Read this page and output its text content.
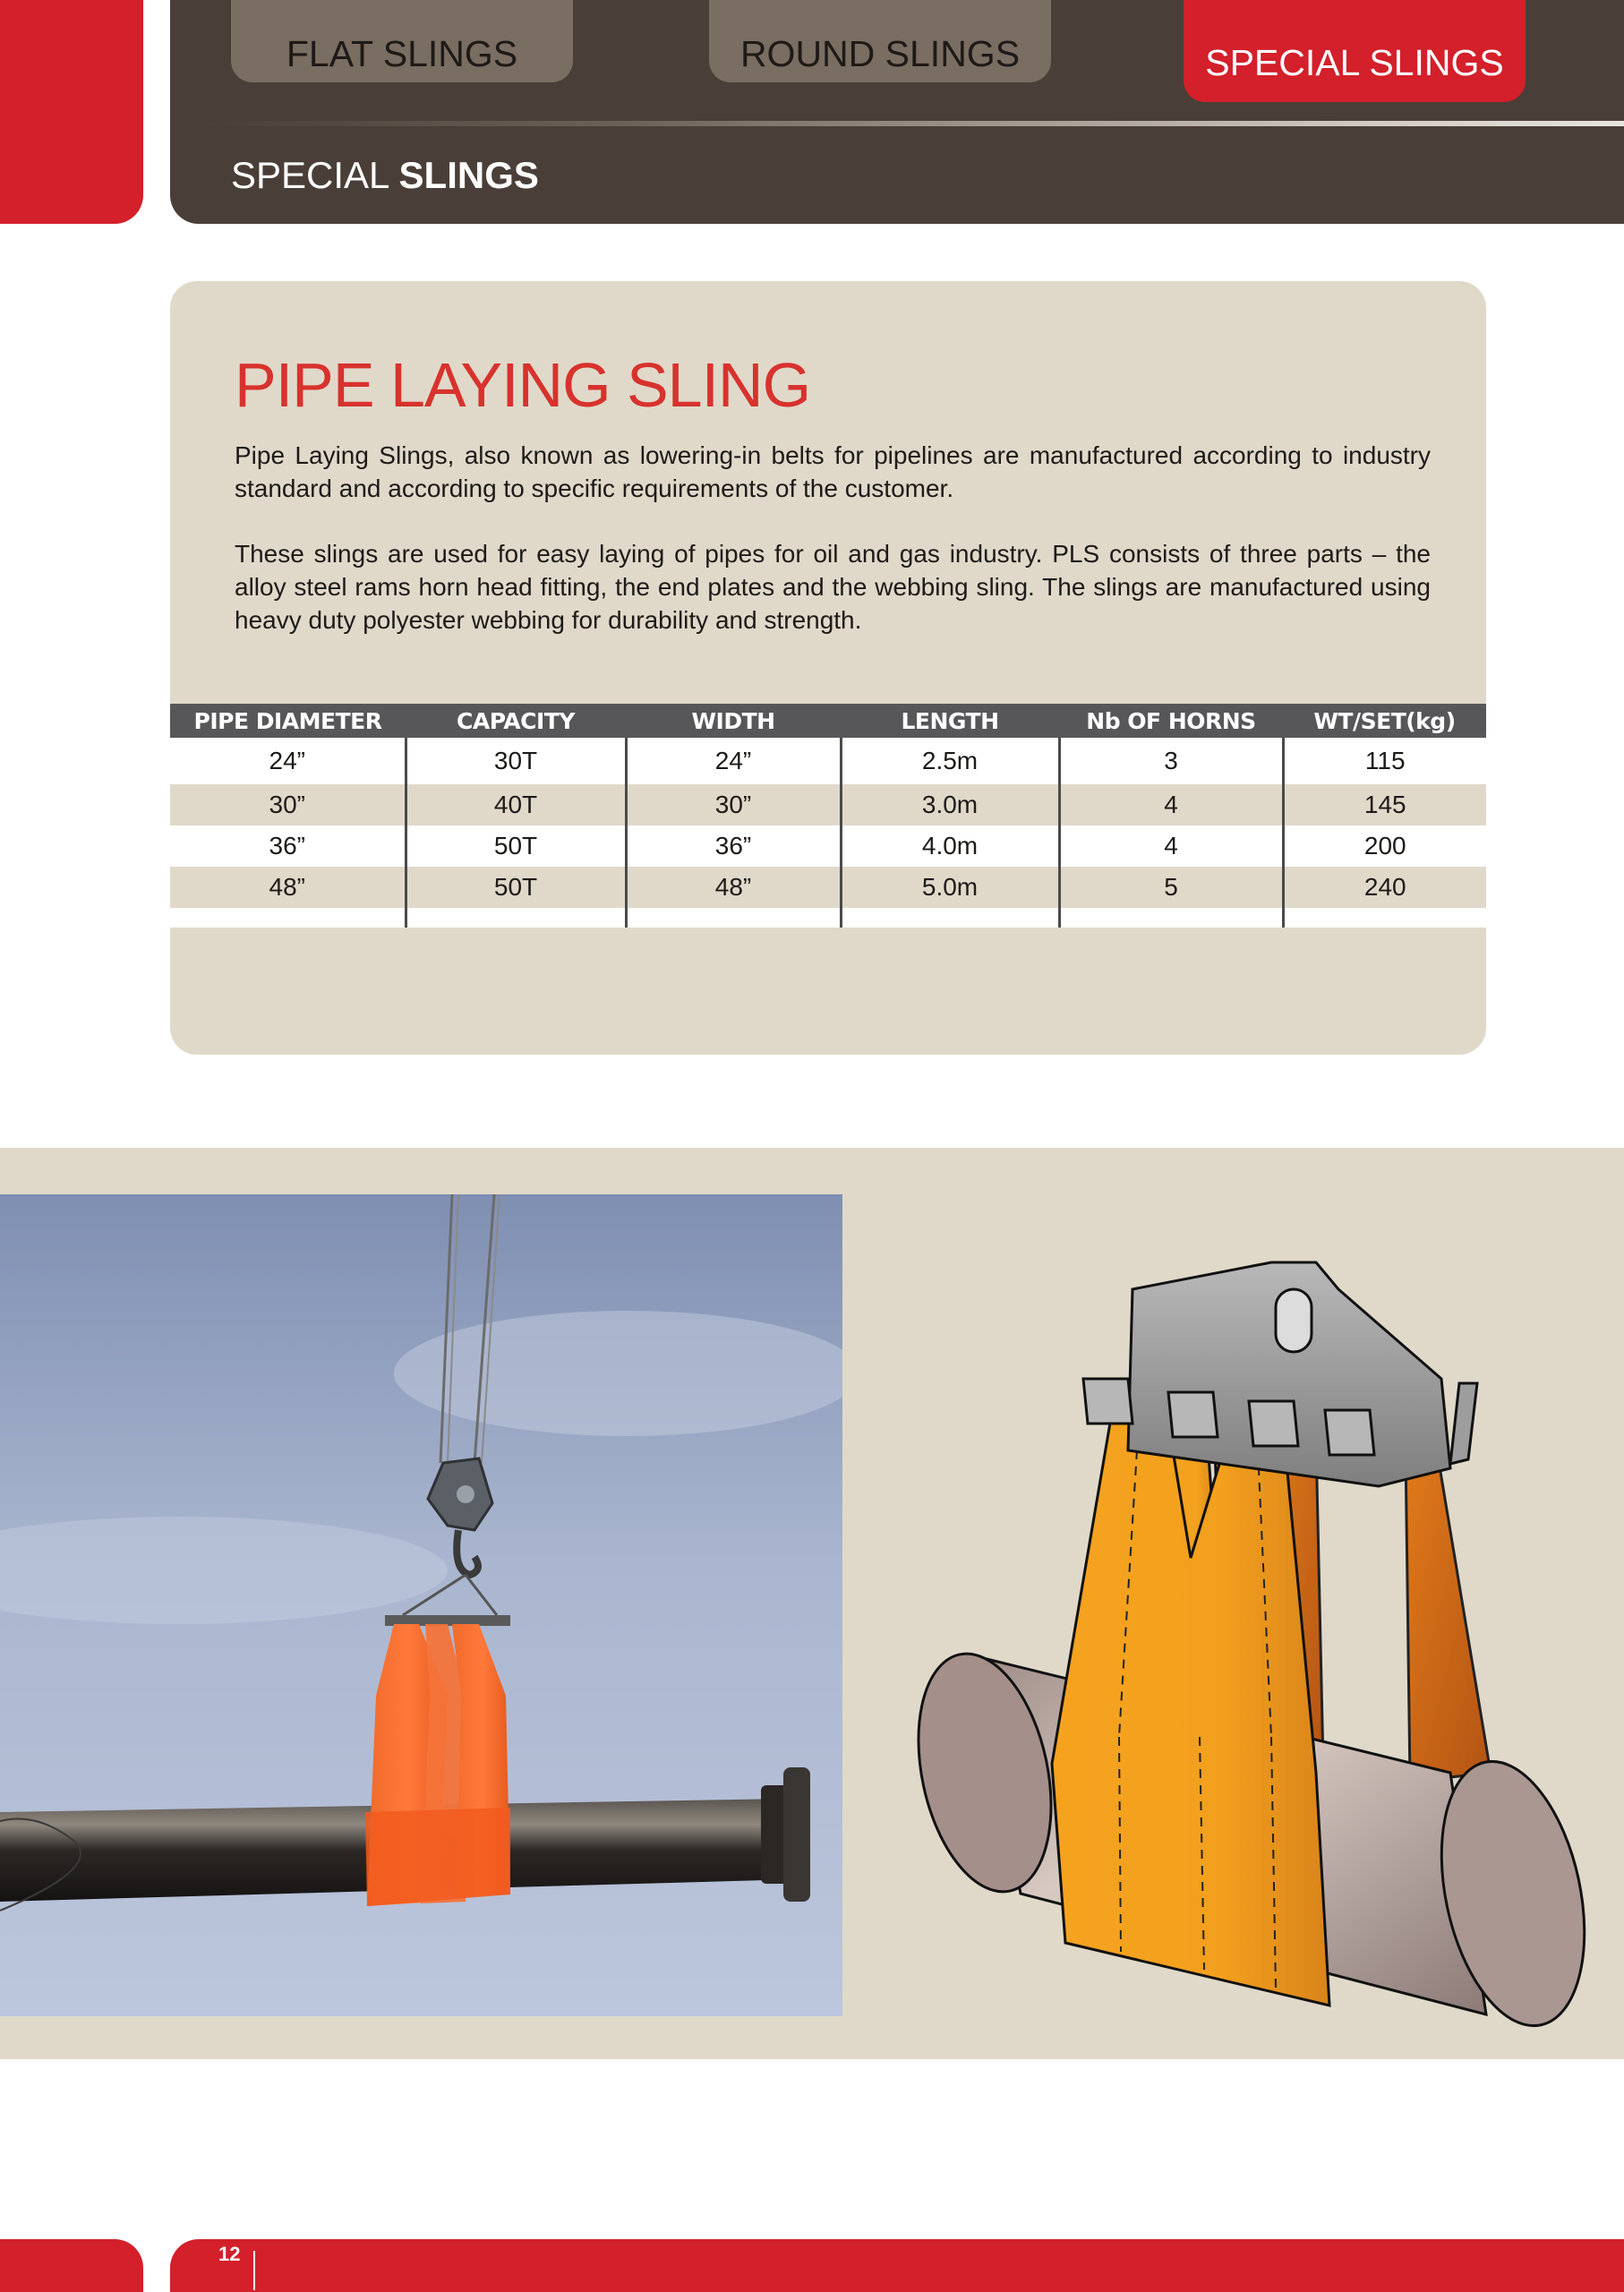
FLAT SLINGS	ROUND SLINGS	SPECIAL SLINGS
SPECIAL SLINGS
PIPE LAYING SLING

Pipe Laying Slings, also known as lowering-in belts for pipelines are manufactured according to industry standard and according to specific requirements of the customer.

These slings are used for easy laying of pipes for oil and gas industry. PLS consists of three parts – the alloy steel rams horn head fitting, the end plates and the webbing sling. The slings are manufactured using heavy duty polyester webbing for durability and strength.

PIPE DIAMETER	CAPACITY	WIDTH	LENGTH	Nb OF HORNS	WT/SET(kg)
24”	30T	24”	2.5m	3	115
30”	40T	30”	3.0m	4	145
36”	50T	36”	4.0m	4	200
48”	50T	48”	5.0m	5	240

12
